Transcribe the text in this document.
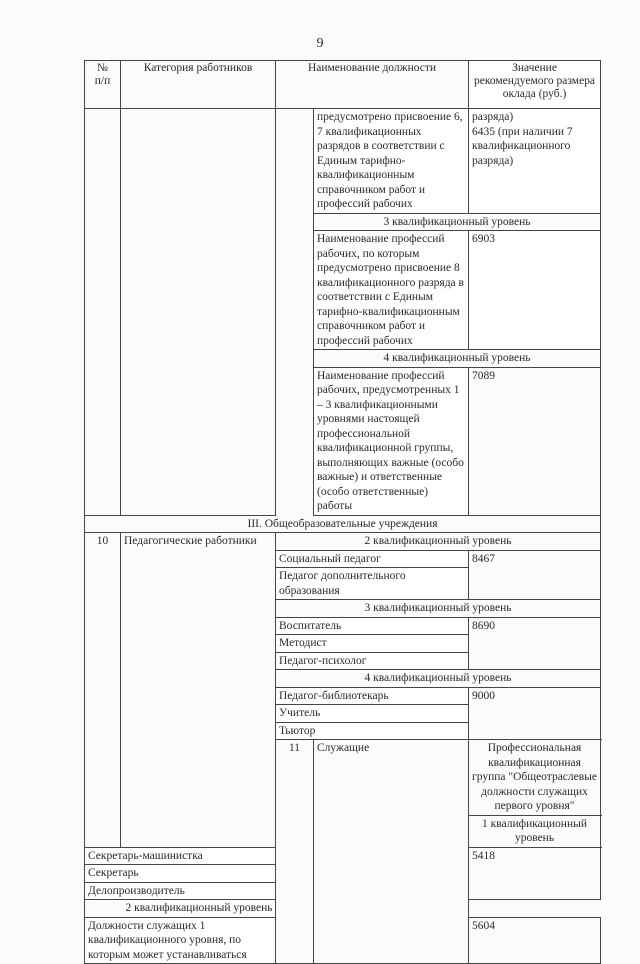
9
№
п/п	Категория работников	Наименование должности		Значение рекомендуемого размера оклада (руб.)
			предусмотрено присвоение 6, 7 квалификационных разрядов в соответствии с Единым тарифно-квалификационным справочником работ и профессий рабочих	разряда)
6435 (при наличии 7 квалификационного разряда)
			3 квалификационный уровень	
			Наименование профессий рабочих, по которым предусмотрено присвоение 8 квалификационного разряда в соответствии с Единым тарифно-квалификационным справочником работ и профессий рабочих	6903
			4 квалификационный уровень	
			Наименование профессий рабочих, предусмотренных 1 – 3 квалификационными уровнями настоящей профессиональной квалификационной группы, выполняющих важные (особо важные) и ответственные (особо ответственные) работы	7089
III. Общеобразовательные учреждения				
10	Педагогические работники	2 квалификационный уровень		
		Социальный педагог		8467
		Педагог дополнительного образования		
		3 квалификационный уровень		
		Воспитатель		8690
		Методист		
		Педагог-психолог		
		4 квалификационный уровень		
		Педагог-библиотекарь		9000
		Учитель		
		Тьютор		
		11	Служащие	Профессиональная квалификационная группа "Общеотраслевые должности служащих первого уровня"
				1 квалификационный уровень
Секретарь-машинистка				5418
Секретарь				
Делопроизводитель				
2 квалификационный уровень				
Должности служащих 1 квалификационного уровня, по которым может устанавливаться				5604
